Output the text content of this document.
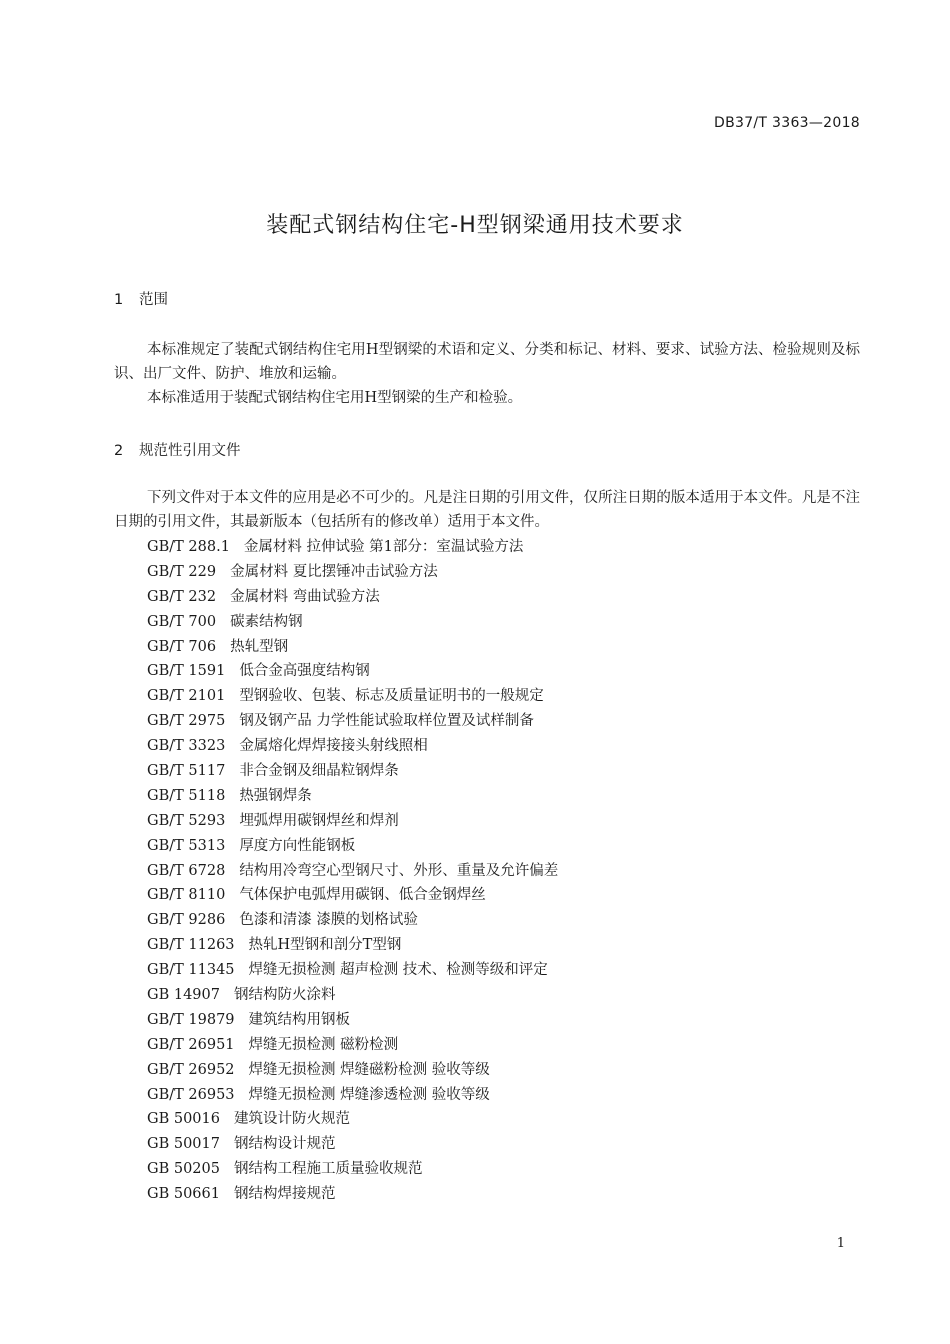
DB37/T 3363—2018
装配式钢结构住宅-H型钢梁通用技术要求
1 范围

本标准规定了装配式钢结构住宅用H型钢梁的术语和定义、分类和标记、材料、要求、试验方法、检验规则及标识、出厂文件、防护、堆放和运输。

本标准适用于装配式钢结构住宅用H型钢梁的生产和检验。

2 规范性引用文件

下列文件对于本文件的应用是必不可少的。凡是注日期的引用文件，仅所注日期的版本适用于本文件。凡是不注日期的引用文件，其最新版本（包括所有的修改单）适用于本文件。

GB/T 288.1 金属材料 拉伸试验 第1部分：室温试验方法
GB/T 229 金属材料 夏比摆锤冲击试验方法
GB/T 232 金属材料 弯曲试验方法
GB/T 700 碳素结构钢
GB/T 706 热轧型钢
GB/T 1591 低合金高强度结构钢
GB/T 2101 型钢验收、包装、标志及质量证明书的一般规定
GB/T 2975 钢及钢产品 力学性能试验取样位置及试样制备
GB/T 3323 金属熔化焊焊接接头射线照相
GB/T 5117 非合金钢及细晶粒钢焊条
GB/T 5118 热强钢焊条
GB/T 5293 埋弧焊用碳钢焊丝和焊剂
GB/T 5313 厚度方向性能钢板
GB/T 6728 结构用冷弯空心型钢尺寸、外形、重量及允许偏差
GB/T 8110 气体保护电弧焊用碳钢、低合金钢焊丝
GB/T 9286 色漆和清漆 漆膜的划格试验
GB/T 11263 热轧H型钢和剖分T型钢
GB/T 11345 焊缝无损检测 超声检测 技术、检测等级和评定
GB 14907 钢结构防火涂料
GB/T 19879 建筑结构用钢板
GB/T 26951 焊缝无损检测 磁粉检测
GB/T 26952 焊缝无损检测 焊缝磁粉检测 验收等级
GB/T 26953 焊缝无损检测 焊缝渗透检测 验收等级
GB 50016 建筑设计防火规范
GB 50017 钢结构设计规范
GB 50205 钢结构工程施工质量验收规范
GB 50661 钢结构焊接规范
1
